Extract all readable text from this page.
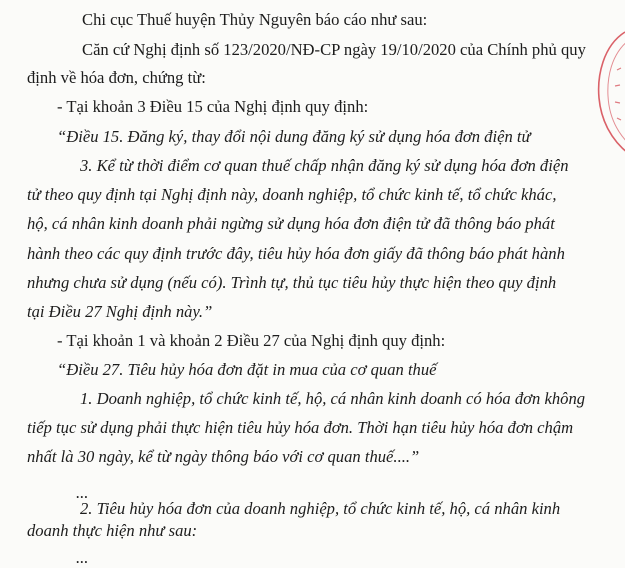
Chi cục Thuế huyện Thủy Nguyên báo cáo như sau:
Căn cứ Nghị định số 123/2020/NĐ-CP ngày 19/10/2020 của Chính phủ quy
định về hóa đơn, chứng từ:
- Tại khoản 3 Điều 15 của Nghị định quy định:
“Điều 15. Đăng ký, thay đổi nội dung đăng ký sử dụng hóa đơn điện tử
3. Kể từ thời điểm cơ quan thuế chấp nhận đăng ký sử dụng hóa đơn điện
tử theo quy định tại Nghị định này, doanh nghiệp, tổ chức kinh tế, tổ chức khác,
hộ, cá nhân kinh doanh phải ngừng sử dụng hóa đơn điện tử đã thông báo phát
hành theo các quy định trước đây, tiêu hủy hóa đơn giấy đã thông báo phát hành
nhưng chưa sử dụng (nếu có). Trình tự, thủ tục tiêu hủy thực hiện theo quy định
tại Điều 27 Nghị định này.”
- Tại khoản 1 và khoản 2 Điều 27 của Nghị định quy định:
“Điều 27. Tiêu hủy hóa đơn đặt in mua của cơ quan thuế
1. Doanh nghiệp, tổ chức kinh tế, hộ, cá nhân kinh doanh có hóa đơn không
tiếp tục sử dụng phải thực hiện tiêu hủy hóa đơn. Thời hạn tiêu hủy hóa đơn chậm
nhất là 30 ngày, kể từ ngày thông báo với cơ quan thuế....”
...
2. Tiêu hủy hóa đơn của doanh nghiệp, tổ chức kinh tế, hộ, cá nhân kinh
doanh thực hiện như sau:
...
